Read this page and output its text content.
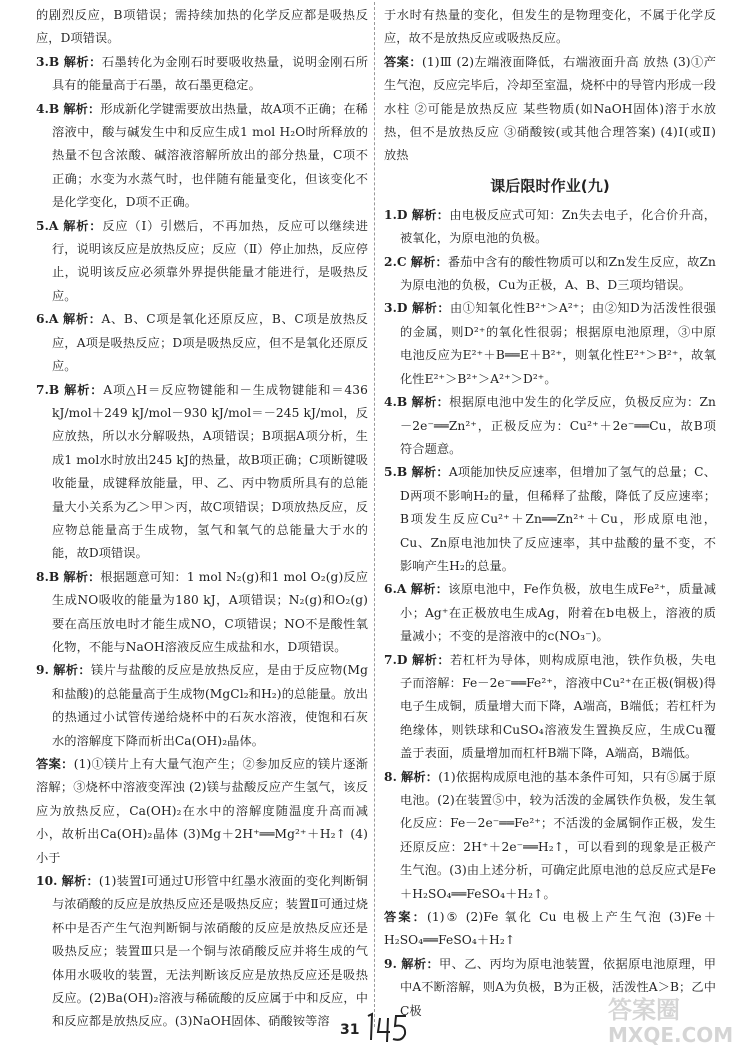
的剧烈反应，B项错误；需持续加热的化学反应都是吸热反应，D项错误。

3.B 解析：石墨转化为金刚石时要吸收热量，说明金刚石所具有的能量高于石墨，故石墨更稳定。

4.B 解析：形成新化学键需要放出热量，故A项不正确；在稀溶液中，酸与碱发生中和反应生成1 mol H₂O时所释放的热量不包含浓酸、碱溶液溶解所放出的部分热量，C项不正确；水变为水蒸气时，也伴随有能量变化，但该变化不是化学变化，D项不正确。

5.A 解析：反应（Ⅰ）引燃后，不再加热，反应可以继续进行，说明该反应是放热反应；反应（Ⅱ）停止加热，反应停止，说明该反应必须靠外界提供能量才能进行，是吸热反应。

6.A 解析：A、B、C项是氧化还原反应，B、C项是放热反应，A项是吸热反应；D项是吸热反应，但不是氧化还原反应。

7.B 解析：A项△H＝反应物键能和－生成物键能和＝436 kJ/mol＋249 kJ/mol－930 kJ/mol＝－245 kJ/mol，反应放热，所以水分解吸热，A项错误；B项据A项分析，生成1 mol水时放出245 kJ的热量，故B项正确；C项断键吸收能量，成键释放能量，甲、乙、丙中物质所具有的总能量大小关系为乙＞甲＞丙，故C项错误；D项放热反应，反应物总能量高于生成物，氢气和氧气的总能量大于水的能，故D项错误。

8.B 解析：根据题意可知：1 mol N₂(g)和1 mol O₂(g)反应生成NO吸收的能量为180 kJ，A项错误；N₂(g)和O₂(g)要在高压放电时才能生成NO，C项错误；NO不是酸性氧化物，不能与NaOH溶液反应生成盐和水，D项错误。

9. 解析：镁片与盐酸的反应是放热反应，是由于反应物(Mg和盐酸)的总能量高于生成物(MgCl₂和H₂)的总能量。放出的热通过小试管传递给烧杯中的石灰水溶液，使饱和石灰水的溶解度下降而析出Ca(OH)₂晶体。

答案：(1)①镁片上有大量气泡产生；②参加反应的镁片逐渐溶解；③烧杯中溶液变浑浊 (2)镁与盐酸反应产生氢气，该反应为放热反应，Ca(OH)₂在水中的溶解度随温度升高而减小，故析出Ca(OH)₂晶体 (3)Mg＋2H⁺══Mg²⁺＋H₂↑ (4)小于

10. 解析：(1)装置Ⅰ可通过U形管中红墨水液面的变化判断铜与浓硝酸的反应是放热反应还是吸热反应；装置Ⅱ可通过烧杯中是否产生气泡判断铜与浓硝酸的反应是放热反应还是吸热反应；装置Ⅲ只是一个铜与浓硝酸反应并将生成的气体用水吸收的装置，无法判断该反应是放热反应还是吸热反应。(2)Ba(OH)₂溶液与稀硫酸的反应属于中和反应，中和反应都是放热反应。(3)NaOH固体、硝酸铵等溶

于水时有热量的变化，但发生的是物理变化，不属于化学反应，故不是放热反应或吸热反应。

答案：(1)Ⅲ (2)左端液面降低，右端液面升高 放热 (3)①产生气泡，反应完毕后，冷却至室温，烧杯中的导管内形成一段水柱 ②可能是放热反应 某些物质(如NaOH固体)溶于水放热，但不是放热反应 ③硝酸铵(或其他合理答案) (4)Ⅰ(或Ⅱ) 放热

课后限时作业(九)

1.D 解析：由电极反应式可知：Zn失去电子，化合价升高，被氧化，为原电池的负极。

2.C 解析：番茄中含有的酸性物质可以和Zn发生反应，故Zn为原电池的负极，Cu为正极，A、B、D三项均错误。

3.D 解析：由①知氧化性B²⁺＞A²⁺；由②知D为活泼性很强的金属，则D²⁺的氧化性很弱；根据原电池原理，③中原电池反应为E²⁺＋B══E＋B²⁺，则氧化性E²⁺＞B²⁺，故氧化性E²⁺＞B²⁺＞A²⁺＞D²⁺。

4.B 解析：根据原电池中发生的化学反应，负极反应为：Zn－2e⁻══Zn²⁺，正极反应为：Cu²⁺＋2e⁻══Cu，故B项符合题意。

5.B 解析：A项能加快反应速率，但增加了氢气的总量；C、D两项不影响H₂的量，但稀释了盐酸，降低了反应速率；B项发生反应Cu²⁺＋Zn══Zn²⁺＋Cu，形成原电池，Cu、Zn原电池加快了反应速率，其中盐酸的量不变，不影响产生H₂的总量。

6.A 解析：该原电池中，Fe作负极，放电生成Fe²⁺，质量减小；Ag⁺在正极放电生成Ag，附着在b电极上，溶液的质量减小；不变的是溶液中的c(NO₃⁻)。

7.D 解析：若杠杆为导体，则构成原电池，铁作负极，失电子而溶解：Fe－2e⁻══Fe²⁺，溶液中Cu²⁺在正极(铜极)得电子生成铜，质量增大而下降，A端高，B端低；若杠杆为绝缘体，则铁球和CuSO₄溶液发生置换反应，生成Cu覆盖于表面，质量增加而杠杆B端下降，A端高，B端低。

8. 解析：(1)依据构成原电池的基本条件可知，只有⑤属于原电池。(2)在装置⑤中，较为活泼的金属铁作负极，发生氧化反应：Fe－2e⁻══Fe²⁺；不活泼的金属铜作正极，发生还原反应：2H⁺＋2e⁻══H₂↑，可以看到的现象是正极产生气泡。(3)由上述分析，可确定此原电池的总反应式是Fe＋H₂SO₄══FeSO₄＋H₂↑。

答案：(1)⑤ (2)Fe 氧化 Cu 电极上产生气泡 (3)Fe＋H₂SO₄══FeSO₄＋H₂↑

9. 解析：甲、乙、丙均为原电池装置，依据原电池原理，甲中A不断溶解，则A为负极，B为正极，活泼性A＞B；乙中C极

31
答案圈
MXQE.COM
